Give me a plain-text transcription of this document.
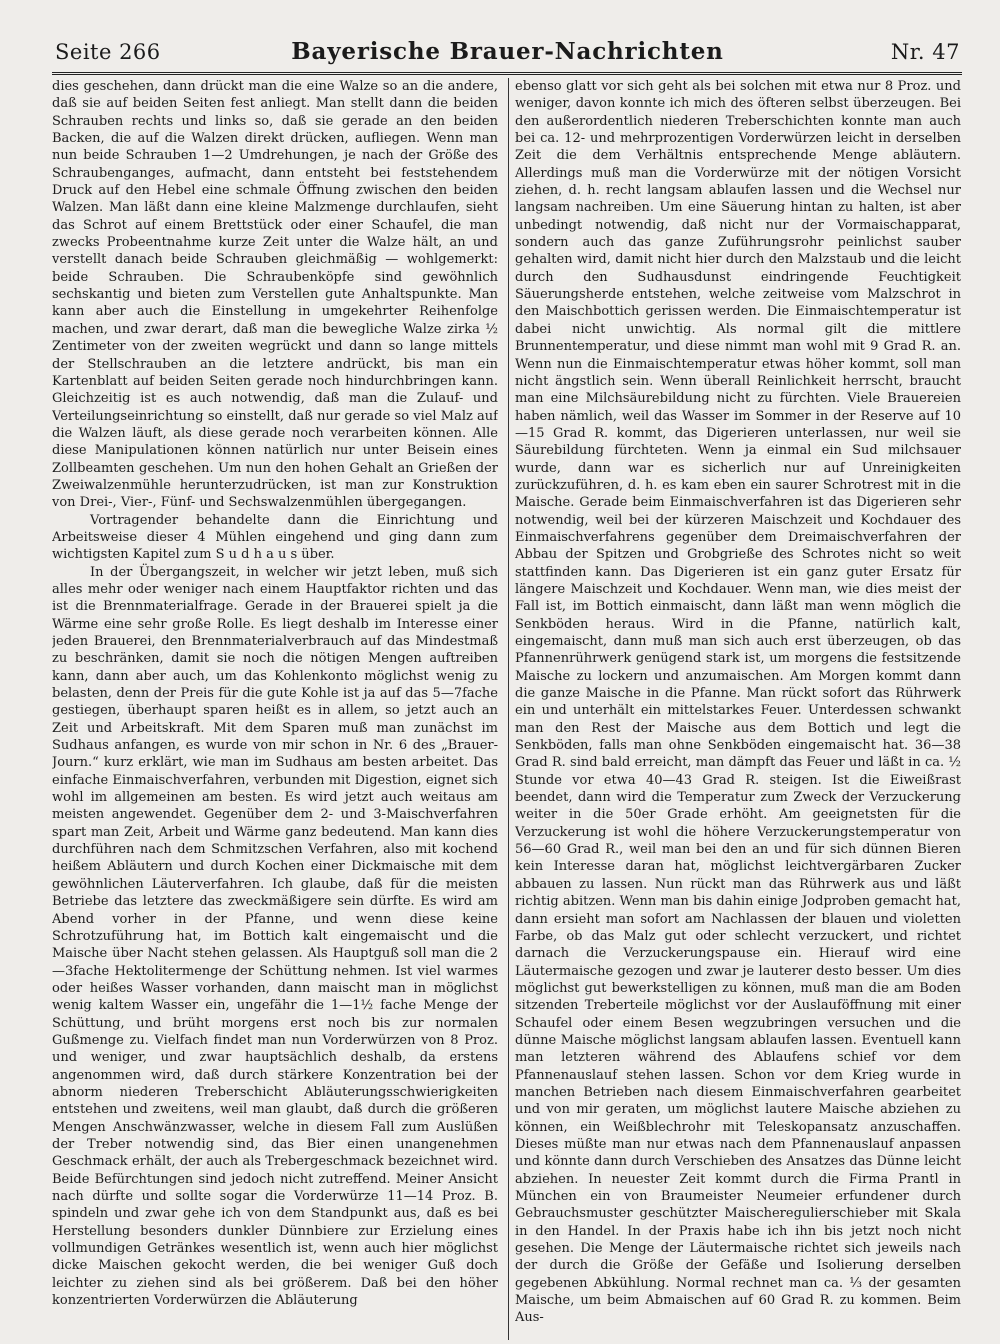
Seite 266	Bayerische Brauer-Nachrichten	Nr. 47

dies geschehen, dann drückt man die eine Walze so an die andere, daß sie auf beiden Seiten fest anliegt. Man stellt dann die beiden Schrauben rechts und links so, daß sie gerade an den beiden Backen, die auf die Walzen direkt drücken, aufliegen. Wenn man nun beide Schrauben 1—2 Umdrehungen, je nach der Größe des Schraubenganges, aufmacht, dann entsteht bei feststehendem Druck auf den Hebel eine schmale Öffnung zwischen den beiden Walzen. Man läßt dann eine kleine Malzmenge durchlaufen, sieht das Schrot auf einem Brettstück oder einer Schaufel, die man zwecks Probeentnahme kurze Zeit unter die Walze hält, an und verstellt danach beide Schrauben gleichmäßig — wohlgemerkt: beide Schrauben. Die Schraubenköpfe sind gewöhnlich sechskantig und bieten zum Verstellen gute Anhaltspunkte. Man kann aber auch die Einstellung in umgekehrter Reihenfolge machen, und zwar derart, daß man die bewegliche Walze zirka ½ Zentimeter von der zweiten wegrückt und dann so lange mittels der Stellschrauben an die letztere andrückt, bis man ein Kartenblatt auf beiden Seiten gerade noch hindurchbringen kann. Gleichzeitig ist es auch notwendig, daß man die Zulauf- und Verteilungseinrichtung so einstellt, daß nur gerade so viel Malz auf die Walzen läuft, als diese gerade noch verarbeiten können. Alle diese Manipulationen können natürlich nur unter Beisein eines Zollbeamten geschehen. Um nun den hohen Gehalt an Grießen der Zweiwalzenmühle herunterzudrücken, ist man zur Konstruktion von Drei-, Vier-, Fünf- und Sechswalzenmühlen übergegangen.

Vortragender behandelte dann die Einrichtung und Arbeitsweise dieser 4 Mühlen eingehend und ging dann zum wichtigsten Kapitel zum S u d h a u s über.

In der Übergangszeit, in welcher wir jetzt leben, muß sich alles mehr oder weniger nach einem Hauptfaktor richten und das ist die Brennmaterialfrage. Gerade in der Brauerei spielt ja die Wärme eine sehr große Rolle. Es liegt deshalb im Interesse einer jeden Brauerei, den Brennmaterialverbrauch auf das Mindestmaß zu beschränken, damit sie noch die nötigen Mengen auftreiben kann, dann aber auch, um das Kohlenkonto möglichst wenig zu belasten, denn der Preis für die gute Kohle ist ja auf das 5—7fache gestiegen, überhaupt sparen heißt es in allem, so jetzt auch an Zeit und Arbeitskraft. Mit dem Sparen muß man zunächst im Sudhaus anfangen, es wurde von mir schon in Nr. 6 des „Brauer-Journ.“ kurz erklärt, wie man im Sudhaus am besten arbeitet. Das einfache Einmaischverfahren, verbunden mit Digestion, eignet sich wohl im allgemeinen am besten. Es wird jetzt auch weitaus am meisten angewendet. Gegenüber dem 2- und 3-Maischverfahren spart man Zeit, Arbeit und Wärme ganz bedeutend. Man kann dies durchführen nach dem Schmitzschen Verfahren, also mit kochend heißem Abläutern und durch Kochen einer Dickmaische mit dem gewöhnlichen Läuterverfahren. Ich glaube, daß für die meisten Betriebe das letztere das zweckmäßigere sein dürfte. Es wird am Abend vorher in der Pfanne, und wenn diese keine Schrotzuführung hat, im Bottich kalt eingemaischt und die Maische über Nacht stehen gelassen. Als Hauptguß soll man die 2—3fache Hektolitermenge der Schüttung nehmen. Ist viel warmes oder heißes Wasser vorhanden, dann maischt man in möglichst wenig kaltem Wasser ein, ungefähr die 1—1½ fache Menge der Schüttung, und brüht morgens erst noch bis zur normalen Gußmenge zu. Vielfach findet man nun Vorderwürzen von 8 Proz. und weniger, und zwar hauptsächlich deshalb, da erstens angenommen wird, daß durch stärkere Konzentration bei der abnorm niederen Treberschicht Abläuterungsschwierigkeiten entstehen und zweitens, weil man glaubt, daß durch die größeren Mengen Anschwänzwasser, welche in diesem Fall zum Auslüßen der Treber notwendig sind, das Bier einen unangenehmen Geschmack erhält, der auch als Trebergeschmack bezeichnet wird. Beide Befürchtungen sind jedoch nicht zutreffend. Meiner Ansicht nach dürfte und sollte sogar die Vorderwürze 11—14 Proz. B. spindeln und zwar gehe ich von dem Standpunkt aus, daß es bei Herstellung besonders dunkler Dünnbiere zur Erzielung eines vollmundigen Getränkes wesentlich ist, wenn auch hier möglichst dicke Maischen gekocht werden, die bei weniger Guß doch leichter zu ziehen sind als bei größerem. Daß bei den höher konzentrierten Vorderwürzen die Abläuterung

ebenso glatt vor sich geht als bei solchen mit etwa nur 8 Proz. und weniger, davon konnte ich mich des öfteren selbst überzeugen. Bei den außerordentlich niederen Treberschichten konnte man auch bei ca. 12- und mehrprozentigen Vorderwürzen leicht in derselben Zeit die dem Verhältnis entsprechende Menge abläutern. Allerdings muß man die Vorderwürze mit der nötigen Vorsicht ziehen, d. h. recht langsam ablaufen lassen und die Wechsel nur langsam nachreiben. Um eine Säuerung hintan zu halten, ist aber unbedingt notwendig, daß nicht nur der Vormaischapparat, sondern auch das ganze Zuführungsrohr peinlichst sauber gehalten wird, damit nicht hier durch den Malzstaub und die leicht durch den Sudhausdunst eindringende Feuchtigkeit Säuerungsherde entstehen, welche zeitweise vom Malzschrot in den Maischbottich gerissen werden. Die Einmaischtemperatur ist dabei nicht unwichtig. Als normal gilt die mittlere Brunnentemperatur, und diese nimmt man wohl mit 9 Grad R. an. Wenn nun die Einmaischtemperatur etwas höher kommt, soll man nicht ängstlich sein. Wenn überall Reinlichkeit herrscht, braucht man eine Milchsäurebildung nicht zu fürchten. Viele Brauereien haben nämlich, weil das Wasser im Sommer in der Reserve auf 10—15 Grad R. kommt, das Digerieren unterlassen, nur weil sie Säurebildung fürchteten. Wenn ja einmal ein Sud milchsauer wurde, dann war es sicherlich nur auf Unreinigkeiten zurückzuführen, d. h. es kam eben ein saurer Schrotrest mit in die Maische. Gerade beim Einmaischverfahren ist das Digerieren sehr notwendig, weil bei der kürzeren Maischzeit und Kochdauer des Einmaischverfahrens gegenüber dem Dreimaischverfahren der Abbau der Spitzen und Grobgrieße des Schrotes nicht so weit stattfinden kann. Das Digerieren ist ein ganz guter Ersatz für längere Maischzeit und Kochdauer. Wenn man, wie dies meist der Fall ist, im Bottich einmaischt, dann läßt man wenn möglich die Senkböden heraus. Wird in die Pfanne, natürlich kalt, eingemaischt, dann muß man sich auch erst überzeugen, ob das Pfannenrührwerk genügend stark ist, um morgens die festsitzende Maische zu lockern und anzumaischen. Am Morgen kommt dann die ganze Maische in die Pfanne. Man rückt sofort das Rührwerk ein und unterhält ein mittelstarkes Feuer. Unterdessen schwankt man den Rest der Maische aus dem Bottich und legt die Senkböden, falls man ohne Senkböden eingemaischt hat. 36—38 Grad R. sind bald erreicht, man dämpft das Feuer und läßt in ca. ½ Stunde vor etwa 40—43 Grad R. steigen. Ist die Eiweißrast beendet, dann wird die Temperatur zum Zweck der Verzuckerung weiter in die 50er Grade erhöht. Am geeignetsten für die Verzuckerung ist wohl die höhere Verzuckerungstemperatur von 56—60 Grad R., weil man bei den an und für sich dünnen Bieren kein Interesse daran hat, möglichst leichtvergärbaren Zucker abbauen zu lassen. Nun rückt man das Rührwerk aus und läßt richtig abitzen. Wenn man bis dahin einige Jodproben gemacht hat, dann ersieht man sofort am Nachlassen der blauen und violetten Farbe, ob das Malz gut oder schlecht verzuckert, und richtet darnach die Verzuckerungspause ein. Hierauf wird eine Läutermaische gezogen und zwar je lauterer desto besser. Um dies möglichst gut bewerkstelligen zu können, muß man die am Boden sitzenden Treberteile möglichst vor der Auslauföffnung mit einer Schaufel oder einem Besen wegzubringen versuchen und die dünne Maische möglichst langsam ablaufen lassen. Eventuell kann man letzteren während des Ablaufens schief vor dem Pfannenauslauf stehen lassen. Schon vor dem Krieg wurde in manchen Betrieben nach diesem Einmaischverfahren gearbeitet und von mir geraten, um möglichst lautere Maische abziehen zu können, ein Weißblechrohr mit Teleskopansatz anzuschaffen. Dieses müßte man nur etwas nach dem Pfannenauslauf anpassen und könnte dann durch Verschieben des Ansatzes das Dünne leicht abziehen. In neuester Zeit kommt durch die Firma Prantl in München ein von Braumeister Neumeier erfundener durch Gebrauchsmuster geschützter Maischeregulierschieber mit Skala in den Handel. In der Praxis habe ich ihn bis jetzt noch nicht gesehen. Die Menge der Läutermaische richtet sich jeweils nach der durch die Größe der Gefäße und Isolierung derselben gegebenen Abkühlung. Normal rechnet man ca. ⅓ der gesamten Maische, um beim Abmaischen auf 60 Grad R. zu kommen. Beim Aus-
